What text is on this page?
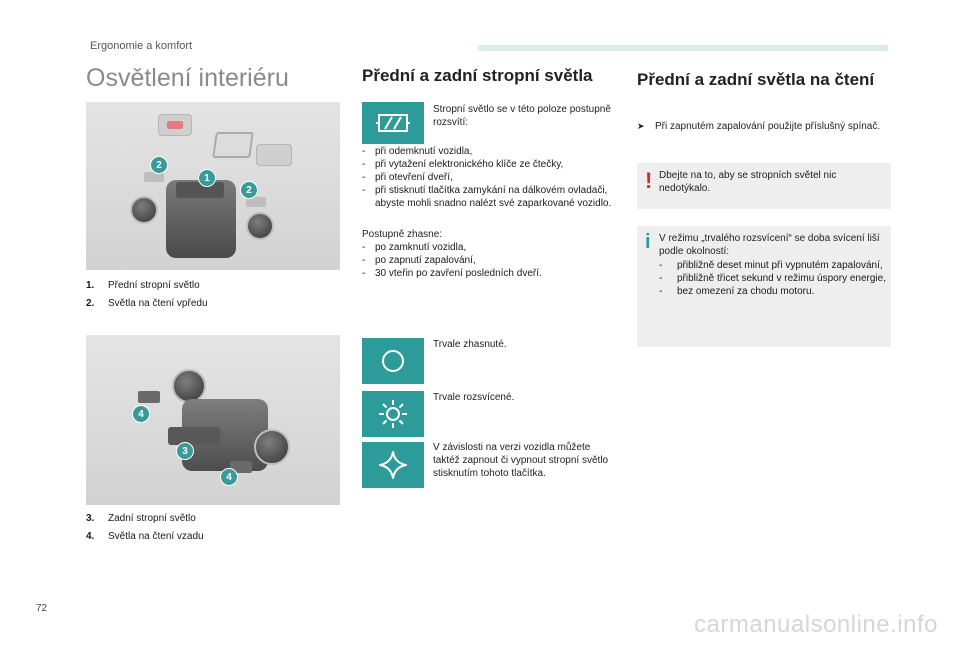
Ergonomie a komfort
Osvětlení interiéru
2
1
2
1. Přední stropní světlo
2. Světla na čtení vpředu
4
3
4
3. Zadní stropní světlo
4. Světla na čtení vzadu
Přední a zadní stropní světla
Stropní světlo se v této poloze postupně rozsvítí:
- při odemknutí vozidla,
- při vytažení elektronického klíče ze čtečky,
- při otevření dveří,
- při stisknutí tlačítka zamykání na dálkovém ovladači, abyste mohli snadno nalézt své zaparkované vozidlo.
Postupně zhasne:
- po zamknutí vozidla,
- po zapnutí zapalování,
- 30 vteřin po zavření posledních dveří.
Trvale zhasnuté.
Trvale rozsvícené.
V závislosti na verzi vozidla můžete taktéž zapnout či vypnout stropní světlo stisknutím tohoto tlačítka.
Přední a zadní světla na čtení
➤	Při zapnutém zapalování použijte příslušný spínač.
! Dbejte na to, aby se stropních světel nic nedotýkalo.
i V režimu „trvalého rozsvícení“ se doba svícení liší podle okolností:
- přibližně deset minut při vypnutém zapalování,
- přibližně třicet sekund v režimu úspory energie,
- bez omezení za chodu motoru.
72
carmanualsonline.info
